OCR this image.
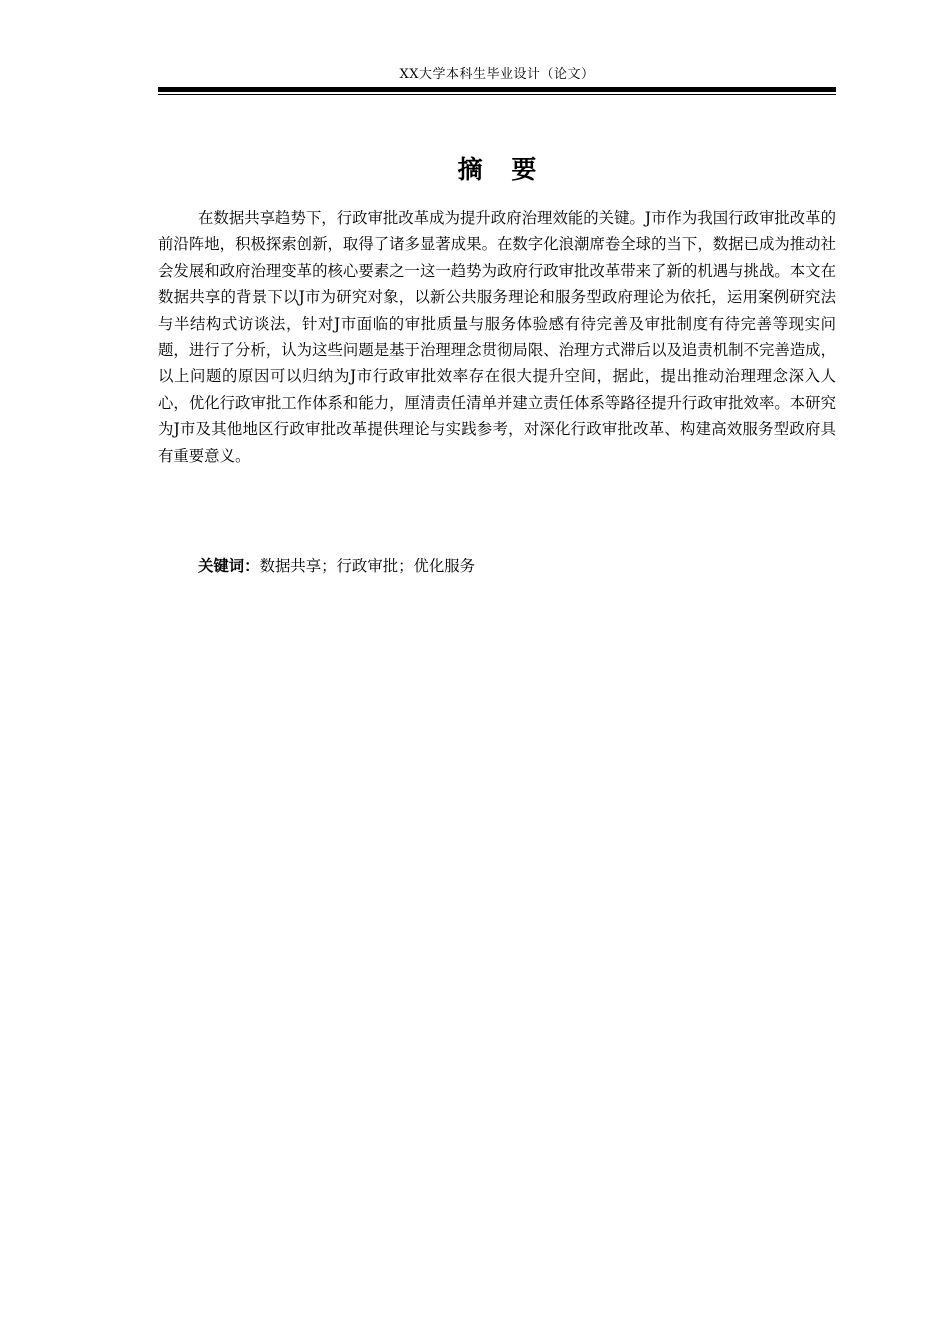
XX大学本科生毕业设计（论文）
摘 要

在数据共享趋势下，行政审批改革成为提升政府治理效能的关键。J市作为我国行政审批改革的前沿阵地，积极探索创新，取得了诸多显著成果。在数字化浪潮席卷全球的当下，数据已成为推动社会发展和政府治理变革的核心要素之一这一趋势为政府行政审批改革带来了新的机遇与挑战。本文在数据共享的背景下以J市为研究对象，以新公共服务理论和服务型政府理论为依托，运用案例研究法与半结构式访谈法，针对J市面临的审批质量与服务体验感有待完善及审批制度有待完善等现实问题，进行了分析，认为这些问题是基于治理理念贯彻局限、治理方式滞后以及追责机制不完善造成，以上问题的原因可以归纳为J市行政审批效率存在很大提升空间，据此，提出推动治理理念深入人心，优化行政审批工作体系和能力，厘清责任清单并建立责任体系等路径提升行政审批效率。本研究为J市及其他地区行政审批改革提供理论与实践参考，对深化行政审批改革、构建高效服务型政府具有重要意义。

关键词：数据共享；行政审批；优化服务
